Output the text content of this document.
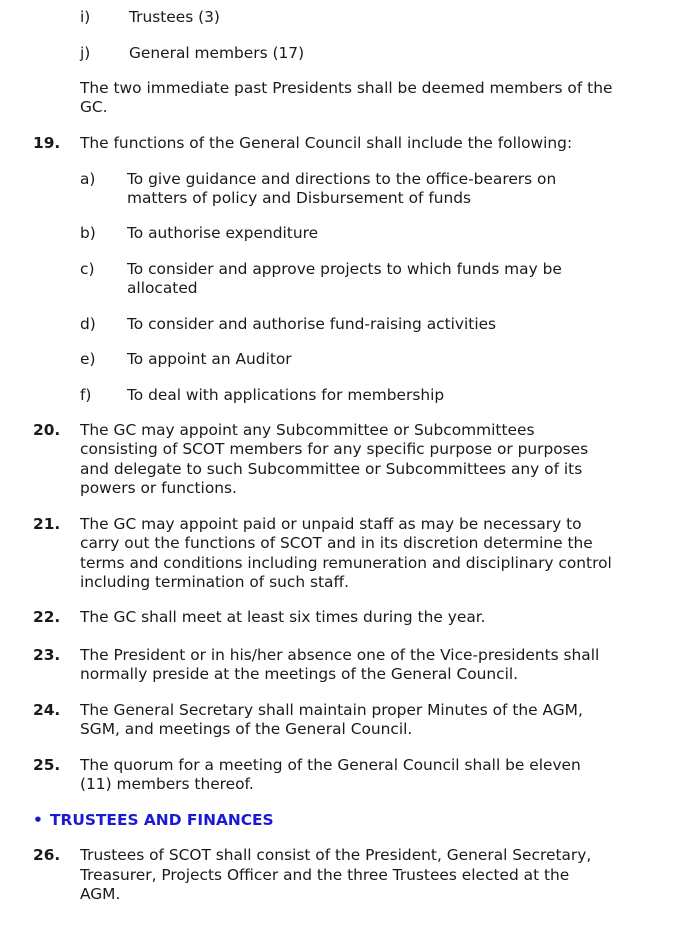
i)	Trustees (3)
j)	General members (17)
The two immediate past Presidents shall be deemed members of the
GC.
19. The functions of the General Council shall include the following:
a) To give guidance and directions to the office-bearers on
matters of policy and Disbursement of funds
b) To authorise expenditure
c) To consider and approve projects to which funds may be
allocated
d) To consider and authorise fund-raising activities
e) To appoint an Auditor
f) To deal with applications for membership
20. The GC may appoint any Subcommittee or Subcommittees
consisting of SCOT members for any specific purpose or purposes
and delegate to such Subcommittee or Subcommittees any of its
powers or functions.
21. The GC may appoint paid or unpaid staff as may be necessary to
carry out the functions of SCOT and in its discretion determine the
terms and conditions including remuneration and disciplinary control
including termination of such staff.
22. The GC shall meet at least six times during the year.
23. The President or in his/her absence one of the Vice-presidents shall
normally preside at the meetings of the General Council.
24. The General Secretary shall maintain proper Minutes of the AGM,
SGM, and meetings of the General Council.
25. The quorum for a meeting of the General Council shall be eleven
(11) members thereof.
• TRUSTEES AND FINANCES
26. Trustees of SCOT shall consist of the President, General Secretary,
Treasurer, Projects Officer and the three Trustees elected at the
AGM.
